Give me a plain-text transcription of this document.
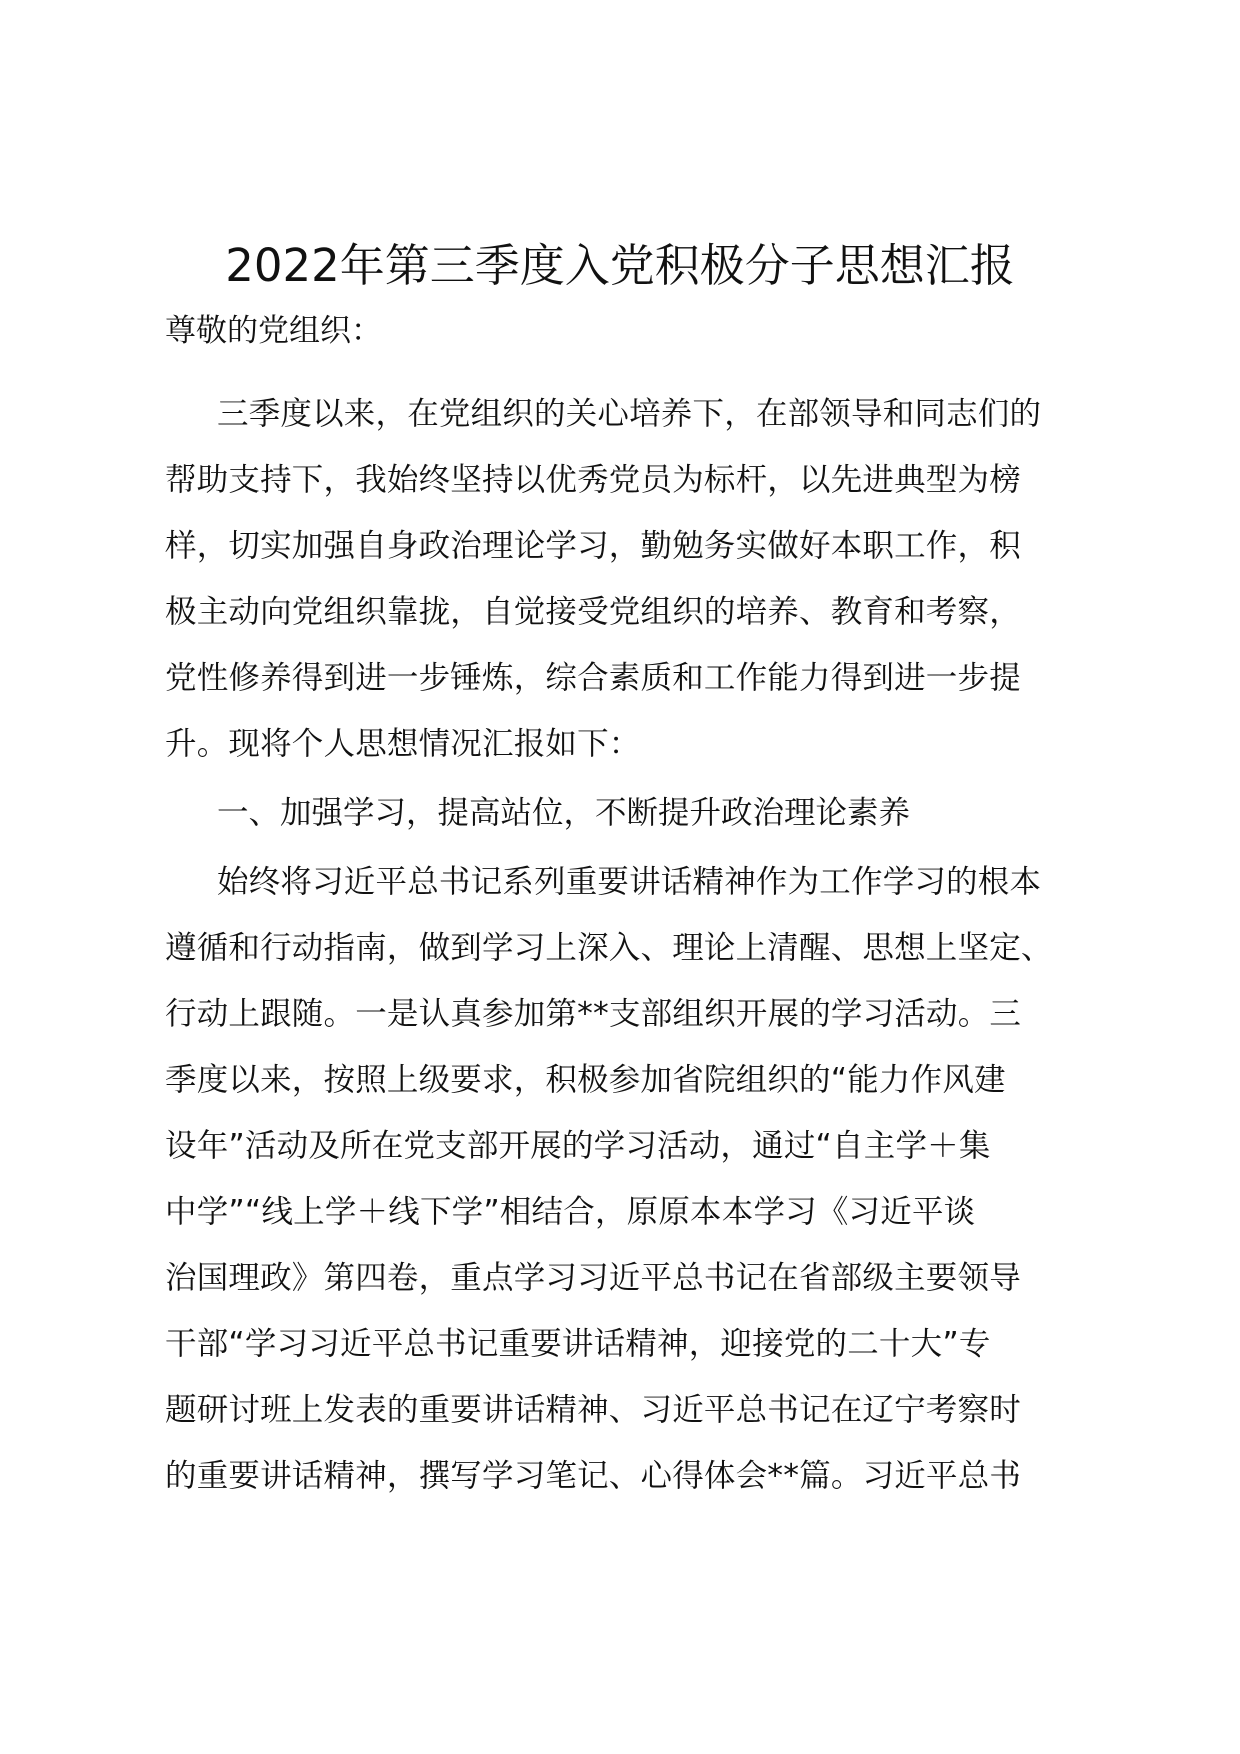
2022年第三季度入党积极分子思想汇报
尊敬的党组织：
三季度以来，在党组织的关心培养下，在部领导和同志们的
帮助支持下，我始终坚持以优秀党员为标杆，以先进典型为榜
样，切实加强自身政治理论学习，勤勉务实做好本职工作，积
极主动向党组织靠拢，自觉接受党组织的培养、教育和考察，
党性修养得到进一步锤炼，综合素质和工作能力得到进一步提
升。现将个人思想情况汇报如下：
一、加强学习，提高站位，不断提升政治理论素养
始终将习近平总书记系列重要讲话精神作为工作学习的根本
遵循和行动指南，做到学习上深入、理论上清醒、思想上坚定、
行动上跟随。一是认真参加第**支部组织开展的学习活动。三
季度以来，按照上级要求，积极参加省院组织的“能力作风建
设年”活动及所在党支部开展的学习活动，通过“自主学＋集
中学”“线上学＋线下学”相结合，原原本本学习《习近平谈
治国理政》第四卷，重点学习习近平总书记在省部级主要领导
干部“学习习近平总书记重要讲话精神，迎接党的二十大”专
题研讨班上发表的重要讲话精神、习近平总书记在辽宁考察时
的重要讲话精神，撰写学习笔记、心得体会**篇。习近平总书
